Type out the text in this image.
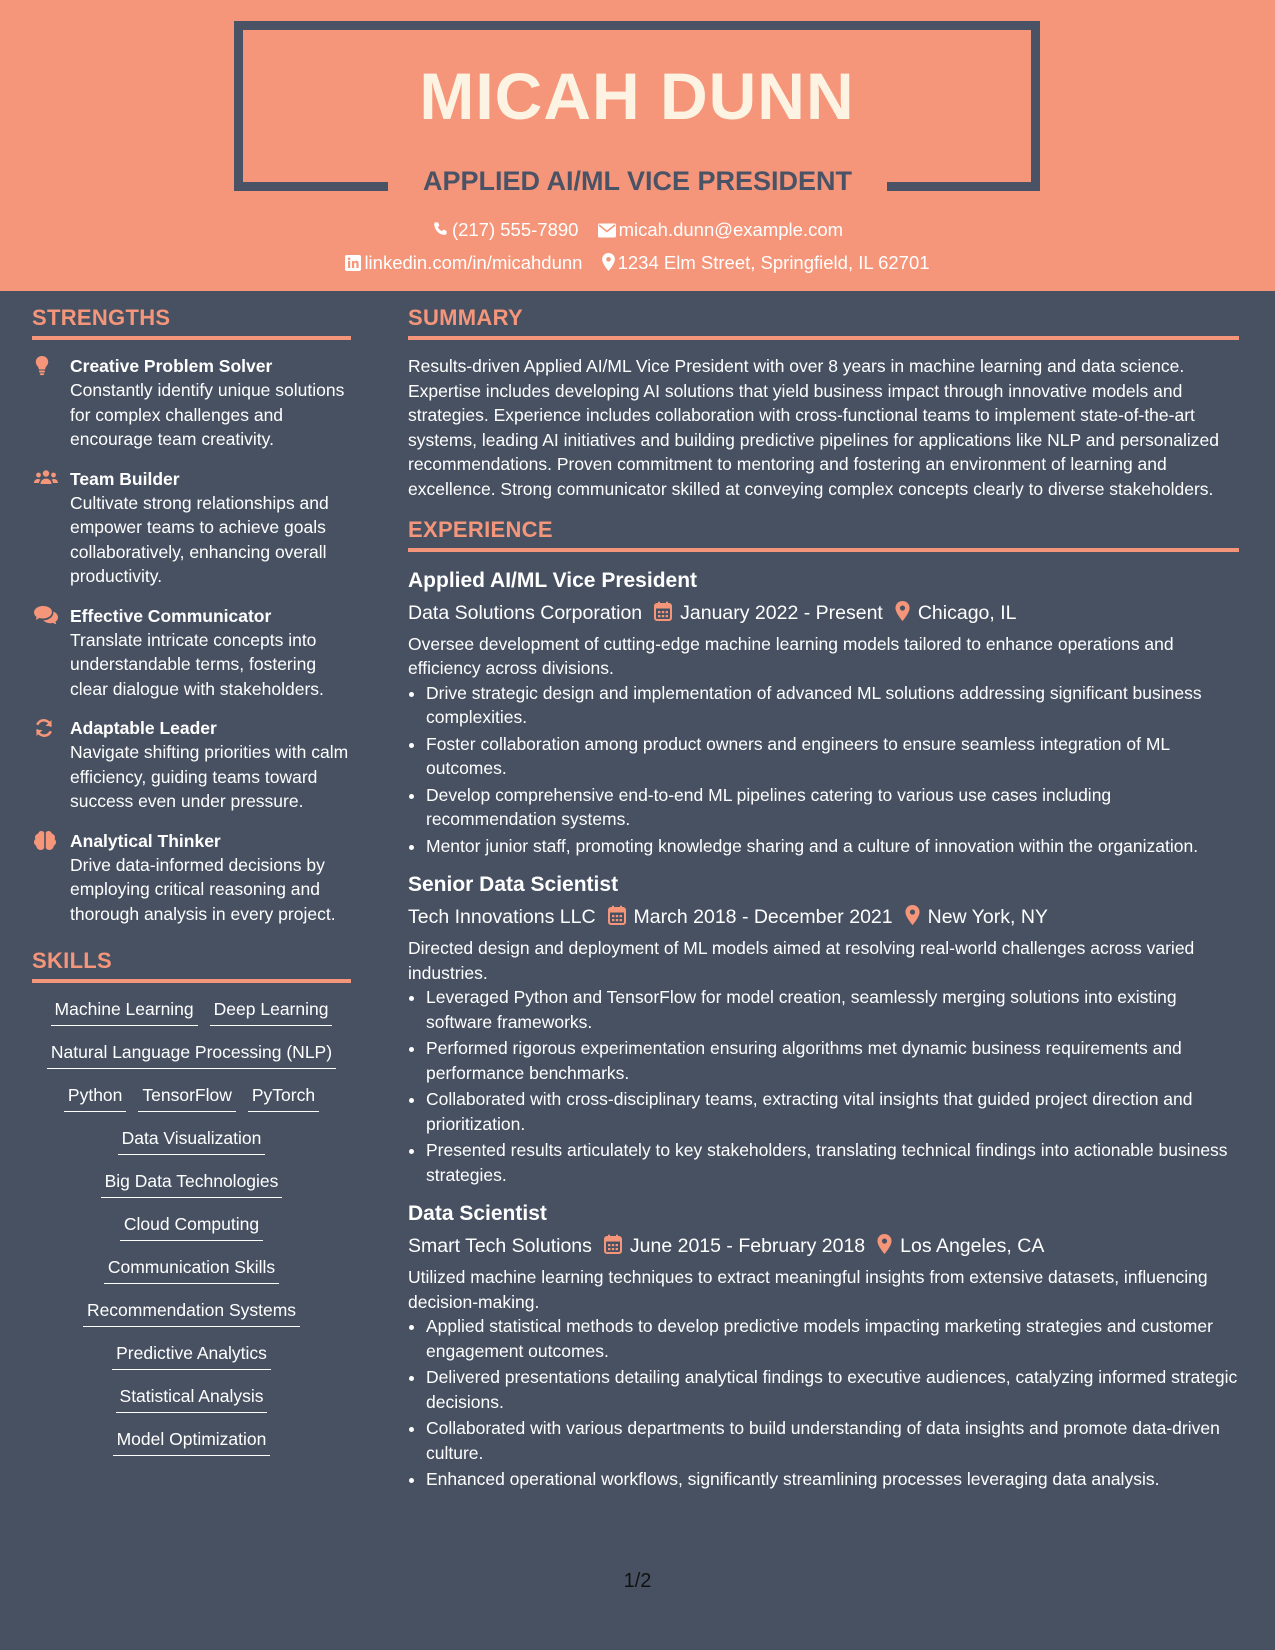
MICAH DUNN
APPLIED AI/ML VICE PRESIDENT
(217) 555-7890 micah.dunn@example.com
linkedin.com/in/micahdunn 1234 Elm Street, Springfield, IL 62701
STRENGTHS
Creative Problem Solver
Constantly identify unique solutions for complex challenges and encourage team creativity.
Team Builder
Cultivate strong relationships and empower teams to achieve goals collaboratively, enhancing overall productivity.
Effective Communicator
Translate intricate concepts into understandable terms, fostering clear dialogue with stakeholders.
Adaptable Leader
Navigate shifting priorities with calm efficiency, guiding teams toward success even under pressure.
Analytical Thinker
Drive data-informed decisions by employing critical reasoning and thorough analysis in every project.
SKILLS
Machine Learning Deep Learning
Natural Language Processing (NLP)
Python TensorFlow PyTorch
Data Visualization
Big Data Technologies
Cloud Computing
Communication Skills
Recommendation Systems
Predictive Analytics
Statistical Analysis
Model Optimization
SUMMARY

Results-driven Applied AI/ML Vice President with over 8 years in machine learning and data science. Expertise includes developing AI solutions that yield business impact through innovative models and strategies. Experience includes collaboration with cross-functional teams to implement state-of-the-art systems, leading AI initiatives and building predictive pipelines for applications like NLP and personalized recommendations. Proven commitment to mentoring and fostering an environment of learning and excellence. Strong communicator skilled at conveying complex concepts clearly to diverse stakeholders.

EXPERIENCE
Applied AI/ML Vice President
Data Solutions Corporation January 2022 - Present Chicago, IL

Oversee development of cutting-edge machine learning models tailored to enhance operations and efficiency across divisions.

• Drive strategic design and implementation of advanced ML solutions addressing significant business complexities.
• Foster collaboration among product owners and engineers to ensure seamless integration of ML outcomes.
• Develop comprehensive end-to-end ML pipelines catering to various use cases including recommendation systems.
• Mentor junior staff, promoting knowledge sharing and a culture of innovation within the organization.
Senior Data Scientist
Tech Innovations LLC March 2018 - December 2021 New York, NY

Directed design and deployment of ML models aimed at resolving real-world challenges across varied industries.

• Leveraged Python and TensorFlow for model creation, seamlessly merging solutions into existing software frameworks.
• Performed rigorous experimentation ensuring algorithms met dynamic business requirements and performance benchmarks.
• Collaborated with cross-disciplinary teams, extracting vital insights that guided project direction and prioritization.
• Presented results articulately to key stakeholders, translating technical findings into actionable business strategies.
Data Scientist
Smart Tech Solutions June 2015 - February 2018 Los Angeles, CA

Utilized machine learning techniques to extract meaningful insights from extensive datasets, influencing decision-making.

• Applied statistical methods to develop predictive models impacting marketing strategies and customer engagement outcomes.
• Delivered presentations detailing analytical findings to executive audiences, catalyzing informed strategic decisions.
• Collaborated with various departments to build understanding of data insights and promote data-driven culture.
• Enhanced operational workflows, significantly streamlining processes leveraging data analysis.
1/2
